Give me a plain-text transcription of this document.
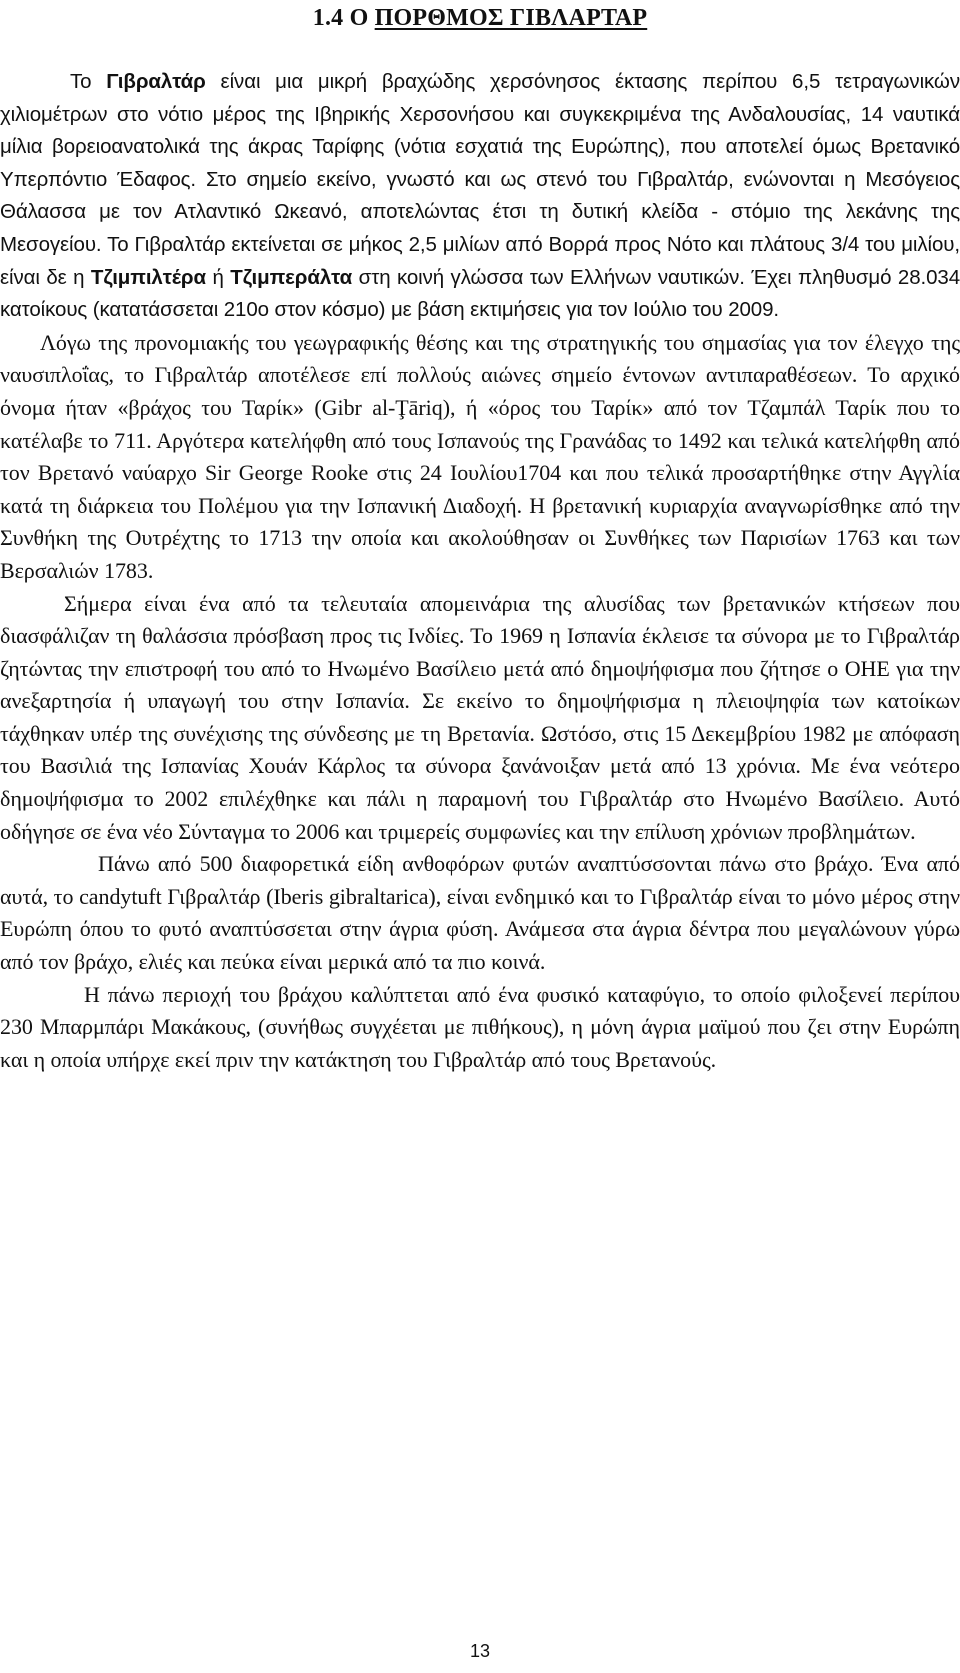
1.4 Ο ΠΟΡΘΜΟΣ ΓΙΒΛΑΡΤΑΡ

Το Γιβραλτάρ είναι μια μικρή βραχώδης χερσόνησος έκτασης περίπου 6,5 τετραγωνικών χιλιομέτρων στο νότιο μέρος της Ιβηρικής Χερσονήσου και συγκεκριμένα της Ανδαλουσίας, 14 ναυτικά μίλια βορειοανατολικά της άκρας Ταρίφης (νότια εσχατιά της Ευρώπης), που αποτελεί όμως Βρετανικό Υπερπόντιο Έδαφος. Στο σημείο εκείνο, γνωστό και ως στενό του Γιβραλτάρ, ενώνονται η Μεσόγειος Θάλασσα με τον Ατλαντικό Ωκεανό, αποτελώντας έτσι τη δυτική κλείδα - στόμιο της λεκάνης της Μεσογείου. Το Γιβραλτάρ εκτείνεται σε μήκος 2,5 μιλίων από Βορρά προς Νότο και πλάτους 3/4 του μιλίου, είναι δε η Τζιμπιλτέρα ή Τζιμπεράλτα στη κοινή γλώσσα των Ελλήνων ναυτικών. Έχει πληθυσμό 28.034 κατοίκους (κατατάσσεται 210ο στον κόσμο) με βάση εκτιμήσεις για τον Ιούλιο του 2009.

Λόγω της προνομιακής του γεωγραφικής θέσης και της στρατηγικής του σημασίας για τον έλεγχο της ναυσιπλοΐας, το Γιβραλτάρ αποτέλεσε επί πολλούς αιώνες σημείο έντονων αντιπαραθέσεων. Το αρχικό όνομα ήταν «βράχος του Ταρίκ» (Gibr al-Ţāriq), ή «όρος του Ταρίκ» από τον Τζαμπάλ Ταρίκ που το κατέλαβε το 711. Αργότερα κατελήφθη από τους Ισπανούς της Γρανάδας το 1492 και τελικά κατελήφθη από τον Βρετανό ναύαρχο Sir George Rooke στις 24 Ιουλίου1704 και που τελικά προσαρτήθηκε στην Αγγλία κατά τη διάρκεια του Πολέμου για την Ισπανική Διαδοχή. Η βρετανική κυριαρχία αναγνωρίσθηκε από την Συνθήκη της Ουτρέχτης το 1713 την οποία και ακολούθησαν οι Συνθήκες των Παρισίων 1763 και των Βερσαλιών 1783.

Σήμερα είναι ένα από τα τελευταία απομεινάρια της αλυσίδας των βρετανικών κτήσεων που διασφάλιζαν τη θαλάσσια πρόσβαση προς τις Ινδίες. Το 1969 η Ισπανία έκλεισε τα σύνορα με το Γιβραλτάρ ζητώντας την επιστροφή του από το Ηνωμένο Βασίλειο μετά από δημοψήφισμα που ζήτησε ο ΟΗΕ για την ανεξαρτησία ή υπαγωγή του στην Ισπανία. Σε εκείνο το δημοψήφισμα η πλειοψηφία των κατοίκων τάχθηκαν υπέρ της συνέχισης της σύνδεσης με τη Βρετανία. Ωστόσο, στις 15 Δεκεμβρίου 1982 με απόφαση του Βασιλιά της Ισπανίας Χουάν Κάρλος τα σύνορα ξανάνοιξαν μετά από 13 χρόνια. Με ένα νεότερο δημοψήφισμα το 2002 επιλέχθηκε και πάλι η παραμονή του Γιβραλτάρ στο Ηνωμένο Βασίλειο. Αυτό οδήγησε σε ένα νέο Σύνταγμα το 2006 και τριμερείς συμφωνίες και την επίλυση χρόνιων προβλημάτων.

Πάνω από 500 διαφορετικά είδη ανθοφόρων φυτών αναπτύσσονται πάνω στο βράχο. Ένα από αυτά, το candytuft Γιβραλτάρ (Iberis gibraltarica), είναι ενδημικό και το Γιβραλτάρ είναι το μόνο μέρος στην Ευρώπη όπου το φυτό αναπτύσσεται στην άγρια φύση. Ανάμεσα στα άγρια δέντρα που μεγαλώνουν γύρω από τον βράχο, ελιές και πεύκα είναι μερικά από τα πιο κοινά.

Η πάνω περιοχή του βράχου καλύπτεται από ένα φυσικό καταφύγιο, το οποίο φιλοξενεί περίπου 230 Μπαρμπάρι Μακάκους, (συνήθως συγχέεται με πιθήκους), η μόνη άγρια μαϊμού που ζει στην Ευρώπη και η οποία υπήρχε εκεί πριν την κατάκτηση του Γιβραλτάρ από τους Βρετανούς.

13
